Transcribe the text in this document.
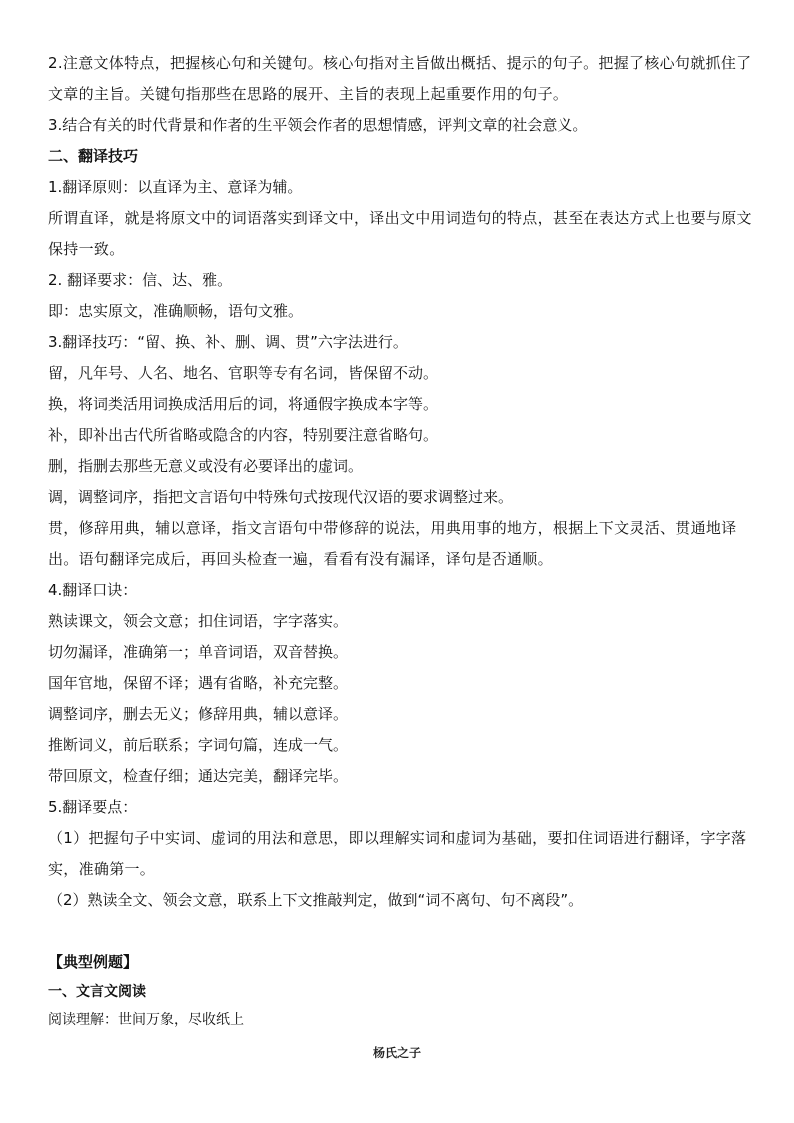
2.注意文体特点，把握核心句和关键句。核心句指对主旨做出概括、提示的句子。把握了核心句就抓住了文章的主旨。关键句指那些在思路的展开、主旨的表现上起重要作用的句子。
3.结合有关的时代背景和作者的生平领会作者的思想情感，评判文章的社会意义。
二、翻译技巧
1.翻译原则：以直译为主、意译为辅。
所谓直译，就是将原文中的词语落实到译文中，译出文中用词造句的特点，甚至在表达方式上也要与原文保持一致。
2. 翻译要求：信、达、雅。
即：忠实原文，准确顺畅，语句文雅。
3.翻译技巧：“留、换、补、删、调、贯”六字法进行。
留，凡年号、人名、地名、官职等专有名词，皆保留不动。
换，将词类活用词换成活用后的词，将通假字换成本字等。
补，即补出古代所省略或隐含的内容，特别要注意省略句。
删，指删去那些无意义或没有必要译出的虚词。
调，调整词序，指把文言语句中特殊句式按现代汉语的要求调整过来。
贯，修辞用典，辅以意译，指文言语句中带修辞的说法，用典用事的地方，根据上下文灵活、贯通地译出。语句翻译完成后，再回头检查一遍，看看有没有漏译，译句是否通顺。
4.翻译口诀：
熟读课文，领会文意；扣住词语，字字落实。
切勿漏译，准确第一；单音词语，双音替换。
国年官地，保留不译；遇有省略，补充完整。
调整词序，删去无义；修辞用典，辅以意译。
推断词义，前后联系；字词句篇，连成一气。
带回原文，检查仔细；通达完美，翻译完毕。
5.翻译要点：
（1）把握句子中实词、虚词的用法和意思，即以理解实词和虚词为基础，要扣住词语进行翻译，字字落实，准确第一。
（2）熟读全文、领会文意，联系上下文推敲判定，做到“词不离句、句不离段”。
【典型例题】
一、文言文阅读
阅读理解：世间万象，尽收纸上
杨氏之子
